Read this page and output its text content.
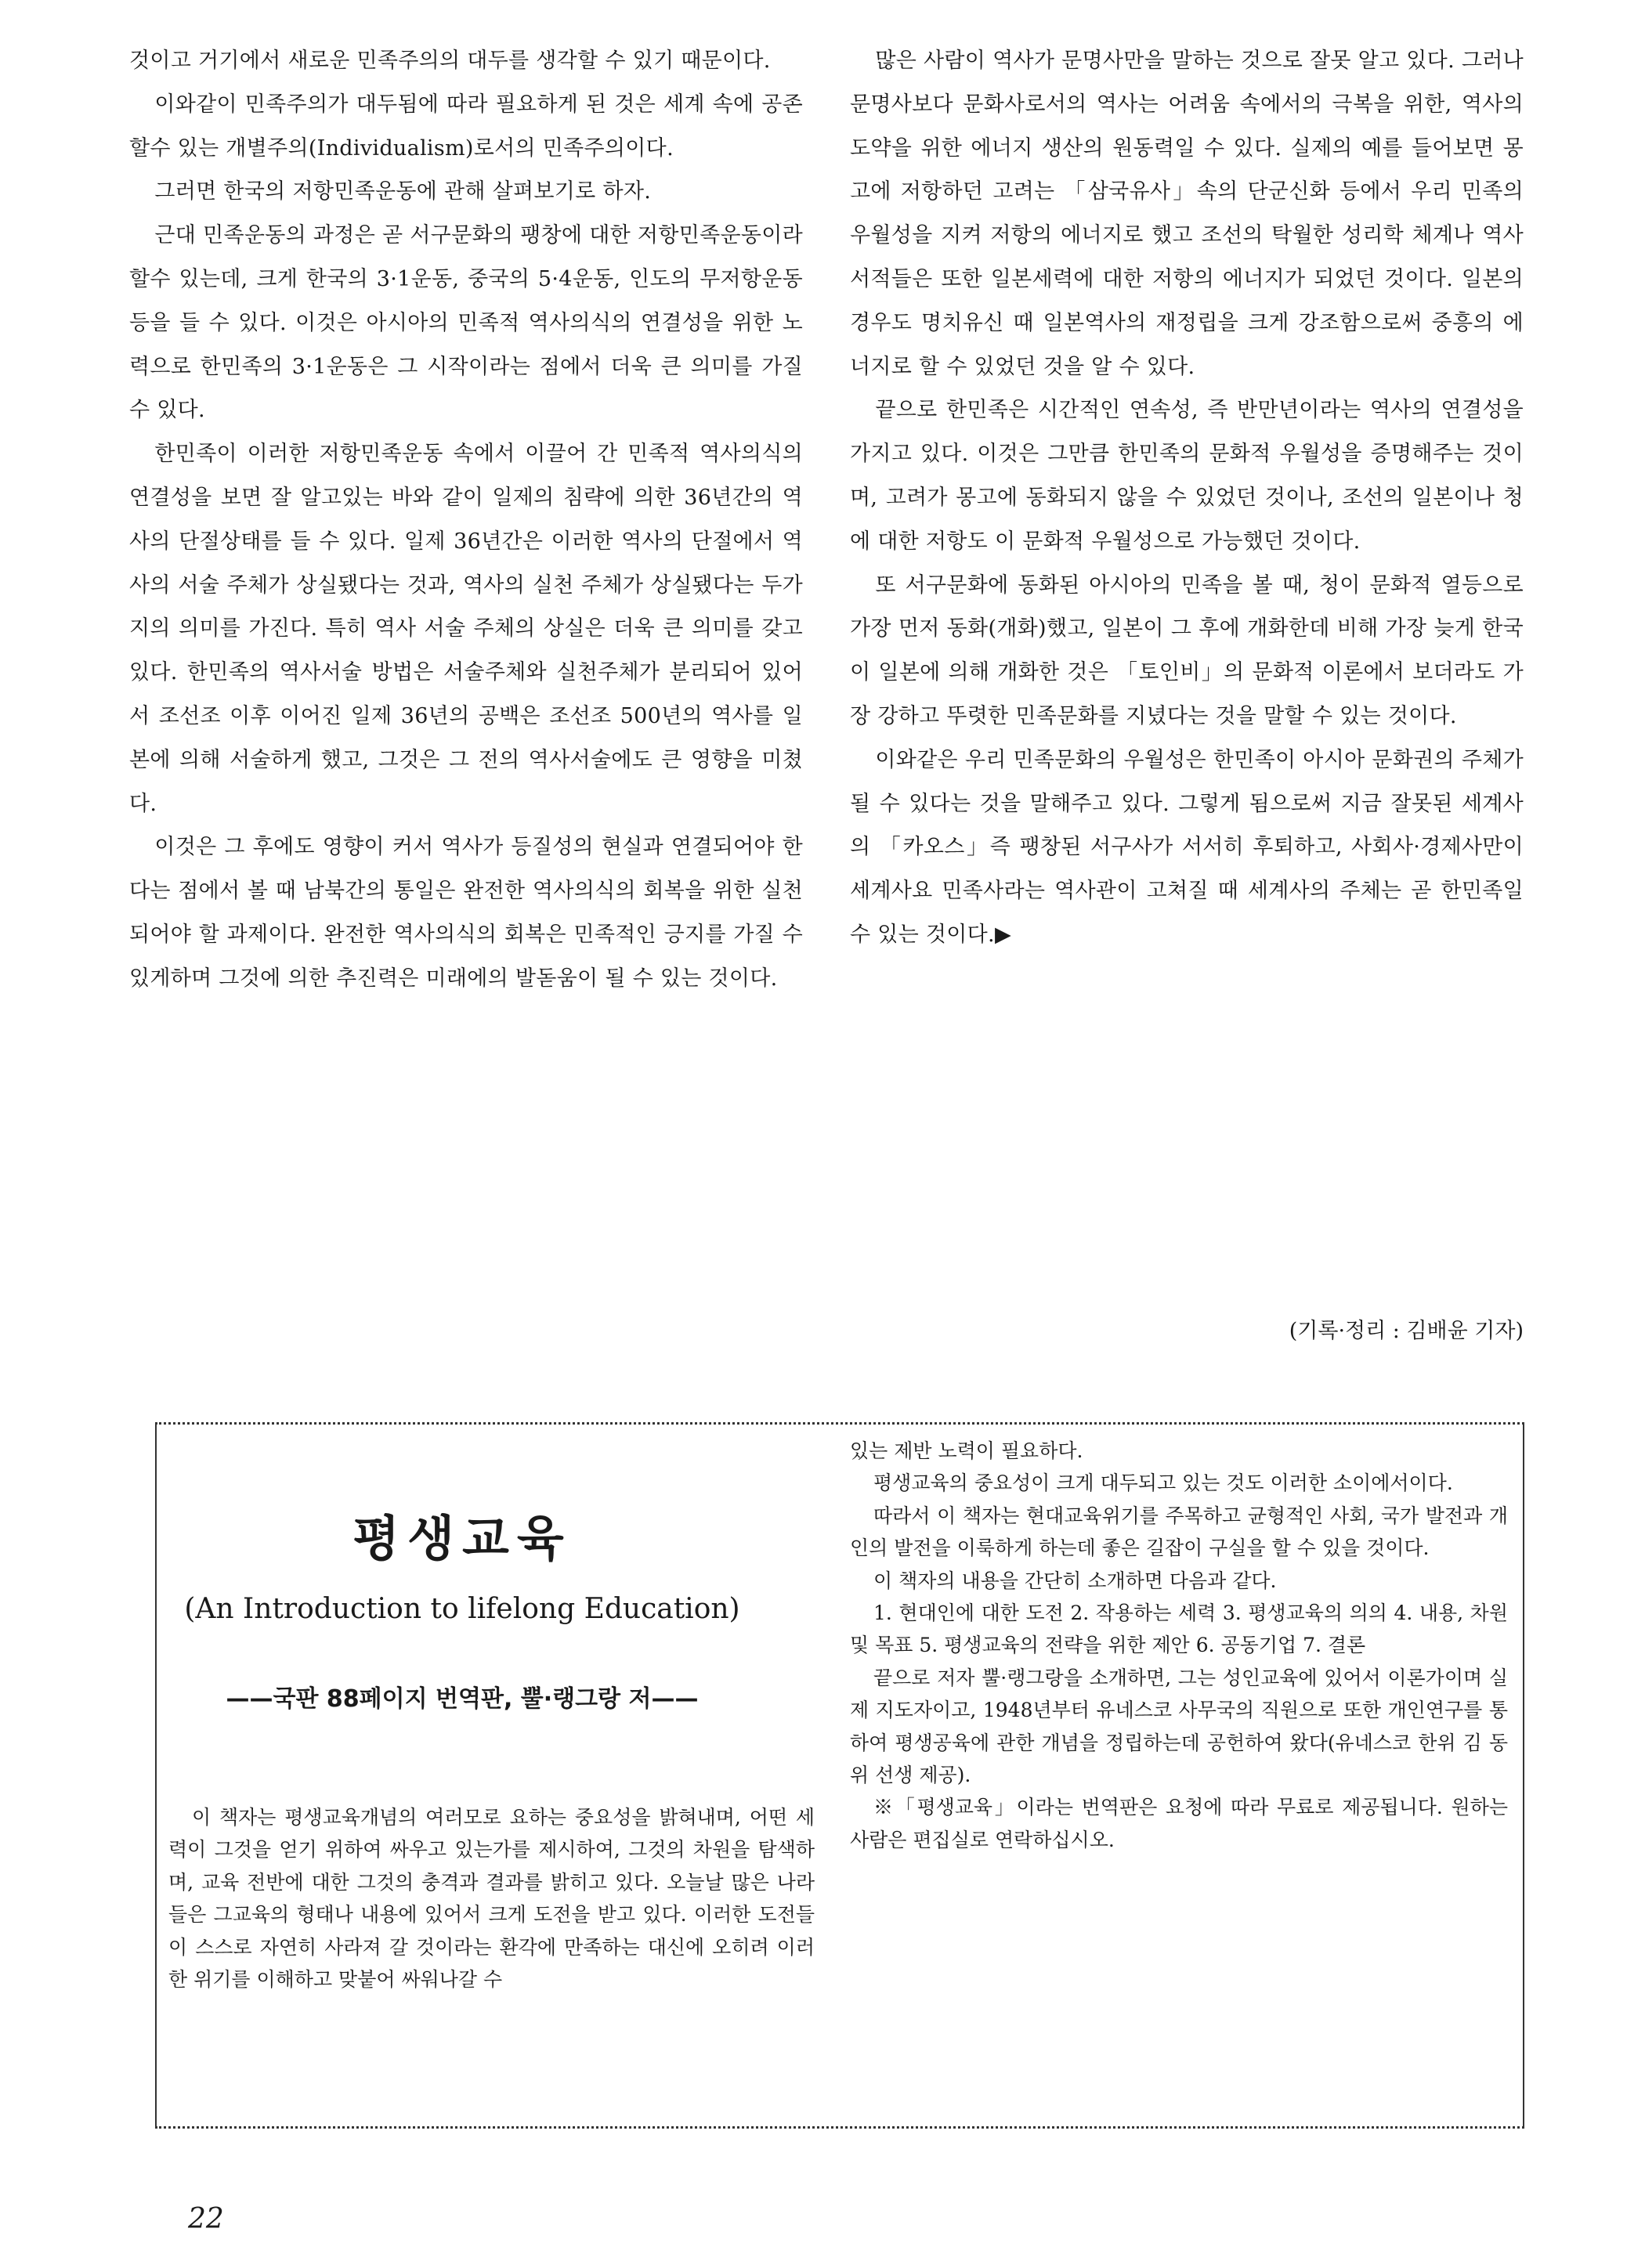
것이고 거기에서 새로운 민족주의의 대두를 생각할 수 있기 때문이다.

이와같이 민족주의가 대두됨에 따라 필요하게 된 것은 세계 속에 공존할수 있는 개별주의(Individualism)로서의 민족주의이다.

그러면 한국의 저항민족운동에 관해 살펴보기로 하자.

근대 민족운동의 과정은 곧 서구문화의 팽창에 대한 저항민족운동이라 할수 있는데, 크게 한국의 3·1운동, 중국의 5·4운동, 인도의 무저항운동 등을 들 수 있다. 이것은 아시아의 민족적 역사의식의 연결성을 위한 노력으로 한민족의 3·1운동은 그 시작이라는 점에서 더욱 큰 의미를 가질 수 있다.

한민족이 이러한 저항민족운동 속에서 이끌어 간 민족적 역사의식의 연결성을 보면 잘 알고있는 바와 같이 일제의 침략에 의한 36년간의 역사의 단절상태를 들 수 있다. 일제 36년간은 이러한 역사의 단절에서 역사의 서술 주체가 상실됐다는 것과, 역사의 실천 주체가 상실됐다는 두가지의 의미를 가진다. 특히 역사 서술 주체의 상실은 더욱 큰 의미를 갖고있다. 한민족의 역사서술 방법은 서술주체와 실천주체가 분리되어 있어서 조선조 이후 이어진 일제 36년의 공백은 조선조 500년의 역사를 일본에 의해 서술하게 했고, 그것은 그 전의 역사서술에도 큰 영향을 미쳤다.

이것은 그 후에도 영향이 커서 역사가 등질성의 현실과 연결되어야 한다는 점에서 볼 때 남북간의 통일은 완전한 역사의식의 회복을 위한 실천되어야 할 과제이다. 완전한 역사의식의 회복은 민족적인 긍지를 가질 수 있게하며 그것에 의한 추진력은 미래에의 발돋움이 될 수 있는 것이다.

많은 사람이 역사가 문명사만을 말하는 것으로 잘못 알고 있다. 그러나 문명사보다 문화사로서의 역사는 어려움 속에서의 극복을 위한, 역사의 도약을 위한 에너지 생산의 원동력일 수 있다. 실제의 예를 들어보면 몽고에 저항하던 고려는 「삼국유사」속의 단군신화 등에서 우리 민족의 우월성을 지켜 저항의 에너지로 했고 조선의 탁월한 성리학 체계나 역사서적들은 또한 일본세력에 대한 저항의 에너지가 되었던 것이다. 일본의 경우도 명치유신 때 일본역사의 재정립을 크게 강조함으로써 중흥의 에너지로 할 수 있었던 것을 알 수 있다.

끝으로 한민족은 시간적인 연속성, 즉 반만년이라는 역사의 연결성을 가지고 있다. 이것은 그만큼 한민족의 문화적 우월성을 증명해주는 것이며, 고려가 몽고에 동화되지 않을 수 있었던 것이나, 조선의 일본이나 청에 대한 저항도 이 문화적 우월성으로 가능했던 것이다.

또 서구문화에 동화된 아시아의 민족을 볼 때, 청이 문화적 열등으로 가장 먼저 동화(개화)했고, 일본이 그 후에 개화한데 비해 가장 늦게 한국이 일본에 의해 개화한 것은 「토인비」의 문화적 이론에서 보더라도 가장 강하고 뚜렷한 민족문화를 지녔다는 것을 말할 수 있는 것이다.

이와같은 우리 민족문화의 우월성은 한민족이 아시아 문화권의 주체가 될 수 있다는 것을 말해주고 있다. 그렇게 됨으로써 지금 잘못된 세계사의 「카오스」즉 팽창된 서구사가 서서히 후퇴하고, 사회사·경제사만이 세계사요 민족사라는 역사관이 고쳐질 때 세계사의 주체는 곧 한민족일 수 있는 것이다.▶

(기록·정리 : 김배윤 기자)
평생교육
(An Introduction to lifelong Education)
——국판 88페이지 번역판, 뿔·랭그랑 저——

이 책자는 평생교육개념의 여러모로 요하는 중요성을 밝혀내며, 어떤 세력이 그것을 얻기 위하여 싸우고 있는가를 제시하여, 그것의 차원을 탐색하며, 교육 전반에 대한 그것의 충격과 결과를 밝히고 있다. 오늘날 많은 나라들은 그교육의 형태나 내용에 있어서 크게 도전을 받고 있다. 이러한 도전들이 스스로 자연히 사라져 갈 것이라는 환각에 만족하는 대신에 오히려 이러한 위기를 이해하고 맞붙어 싸워나갈 수

있는 제반 노력이 필요하다.

평생교육의 중요성이 크게 대두되고 있는 것도 이러한 소이에서이다.

따라서 이 책자는 현대교육위기를 주목하고 균형적인 사회, 국가 발전과 개인의 발전을 이룩하게 하는데 좋은 길잡이 구실을 할 수 있을 것이다.

이 책자의 내용을 간단히 소개하면 다음과 같다.

1. 현대인에 대한 도전 2. 작용하는 세력 3. 평생교육의 의의 4. 내용, 차원 및 목표 5. 평생교육의 전략을 위한 제안 6. 공동기업 7. 결론

끝으로 저자 뿔·랭그랑을 소개하면, 그는 성인교육에 있어서 이론가이며 실제 지도자이고, 1948년부터 유네스코 사무국의 직원으로 또한 개인연구를 통하여 평생공육에 관한 개념을 정립하는데 공헌하여 왔다(유네스코 한위 김 동위 선생 제공).

※「평생교육」이라는 번역판은 요청에 따라 무료로 제공됩니다. 원하는 사람은 편집실로 연락하십시오.

22
